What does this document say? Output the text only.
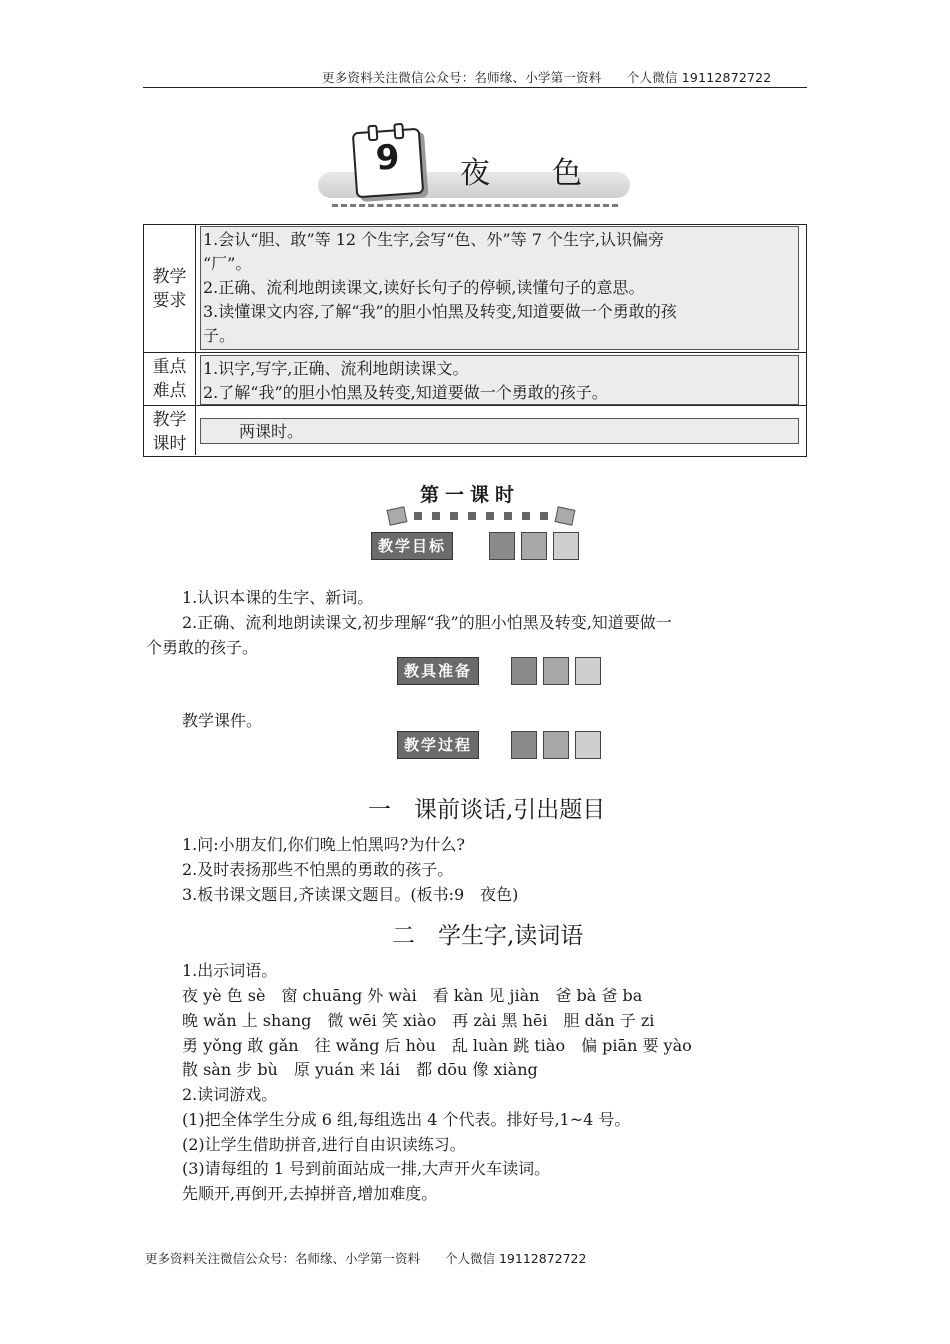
更多资料关注微信公众号：名师缘、小学第一资料　　个人微信 19112872722
9	夜色
教学
要求
1.会认“胆、敢”等 12 个生字,会写“色、外”等 7 个生字,认识偏旁
“厂”。
2.正确、流利地朗读课文,读好长句子的停顿,读懂句子的意思。
3.读懂课文内容,了解“我”的胆小怕黑及转变,知道要做一个勇敢的孩
子。
重点
难点
1.识字,写字,正确、流利地朗读课文。
2.了解“我”的胆小怕黑及转变,知道要做一个勇敢的孩子。
教学
课时
两课时。
第一课时
教学目标
1.认识本课的生字、新词。
2.正确、流利地朗读课文,初步理解“我”的胆小怕黑及转变,知道要做一
个勇敢的孩子。
教具准备
教学课件。
教学过程
一　课前谈话,引出题目
1.问:小朋友们,你们晚上怕黑吗?为什么?
2.及时表扬那些不怕黑的勇敢的孩子。
3.板书课文题目,齐读课文题目。(板书:9　夜色)
二　学生字,读词语
1.出示词语。
夜 yè 色 sè　窗 chuāng 外 wài　看 kàn 见 jiàn　爸 bà 爸 ba
晚 wǎn 上 shang　微 wēi 笑 xiào　再 zài 黑 hēi　胆 dǎn 子 zi
勇 yǒng 敢 gǎn　往 wǎng 后 hòu　乱 luàn 跳 tiào　偏 piān 要 yào
散 sàn 步 bù　原 yuán 来 lái　都 dōu 像 xiàng
2.读词游戏。
(1)把全体学生分成 6 组,每组选出 4 个代表。排好号,1~4 号。
(2)让学生借助拼音,进行自由识读练习。
(3)请每组的 1 号到前面站成一排,大声开火车读词。
先顺开,再倒开,去掉拼音,增加难度。
更多资料关注微信公众号：名师缘、小学第一资料　　个人微信 19112872722
